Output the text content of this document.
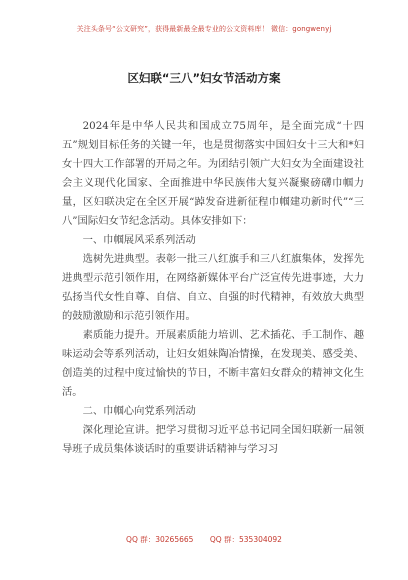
关注头条号“公文研究”，获得最新最全最专业的公文资料库！ 微信：gongwenyj
区妇联“三八”妇女节活动方案

2024年是中华人民共和国成立75周年，是全面完成“十四五”规划目标任务的关键一年，也是贯彻落实中国妇女十三大和*妇女十四大工作部署的开局之年。为团结引领广大妇女为全面建设社会主义现代化国家、全面推进中华民族伟大复兴凝聚磅礴巾帼力量，区妇联决定在全区开展“踔发奋进新征程巾帼建功新时代”“三八”国际妇女节纪念活动。具体安排如下：

一、巾帼展风采系列活动

选树先进典型。表彰一批三八红旗手和三八红旗集体，发挥先进典型示范引领作用，在网络新媒体平台广泛宣传先进事迹，大力弘扬当代女性自尊、自信、自立、自强的时代精神，有效放大典型的鼓励激励和示范引领作用。

素质能力提升。开展素质能力培训、艺术插花、手工制作、趣味运动会等系列活动，让妇女姐妹陶冶情操，在发现美、感受美、创造美的过程中度过愉快的节日，不断丰富妇女群众的精神文化生活。

二、巾帼心向党系列活动

深化理论宣讲。把学习贯彻习近平总书记同全国妇联新一届领导班子成员集体谈话时的重要讲话精神与学习习

QQ 群：30265665 QQ 群：535304092
